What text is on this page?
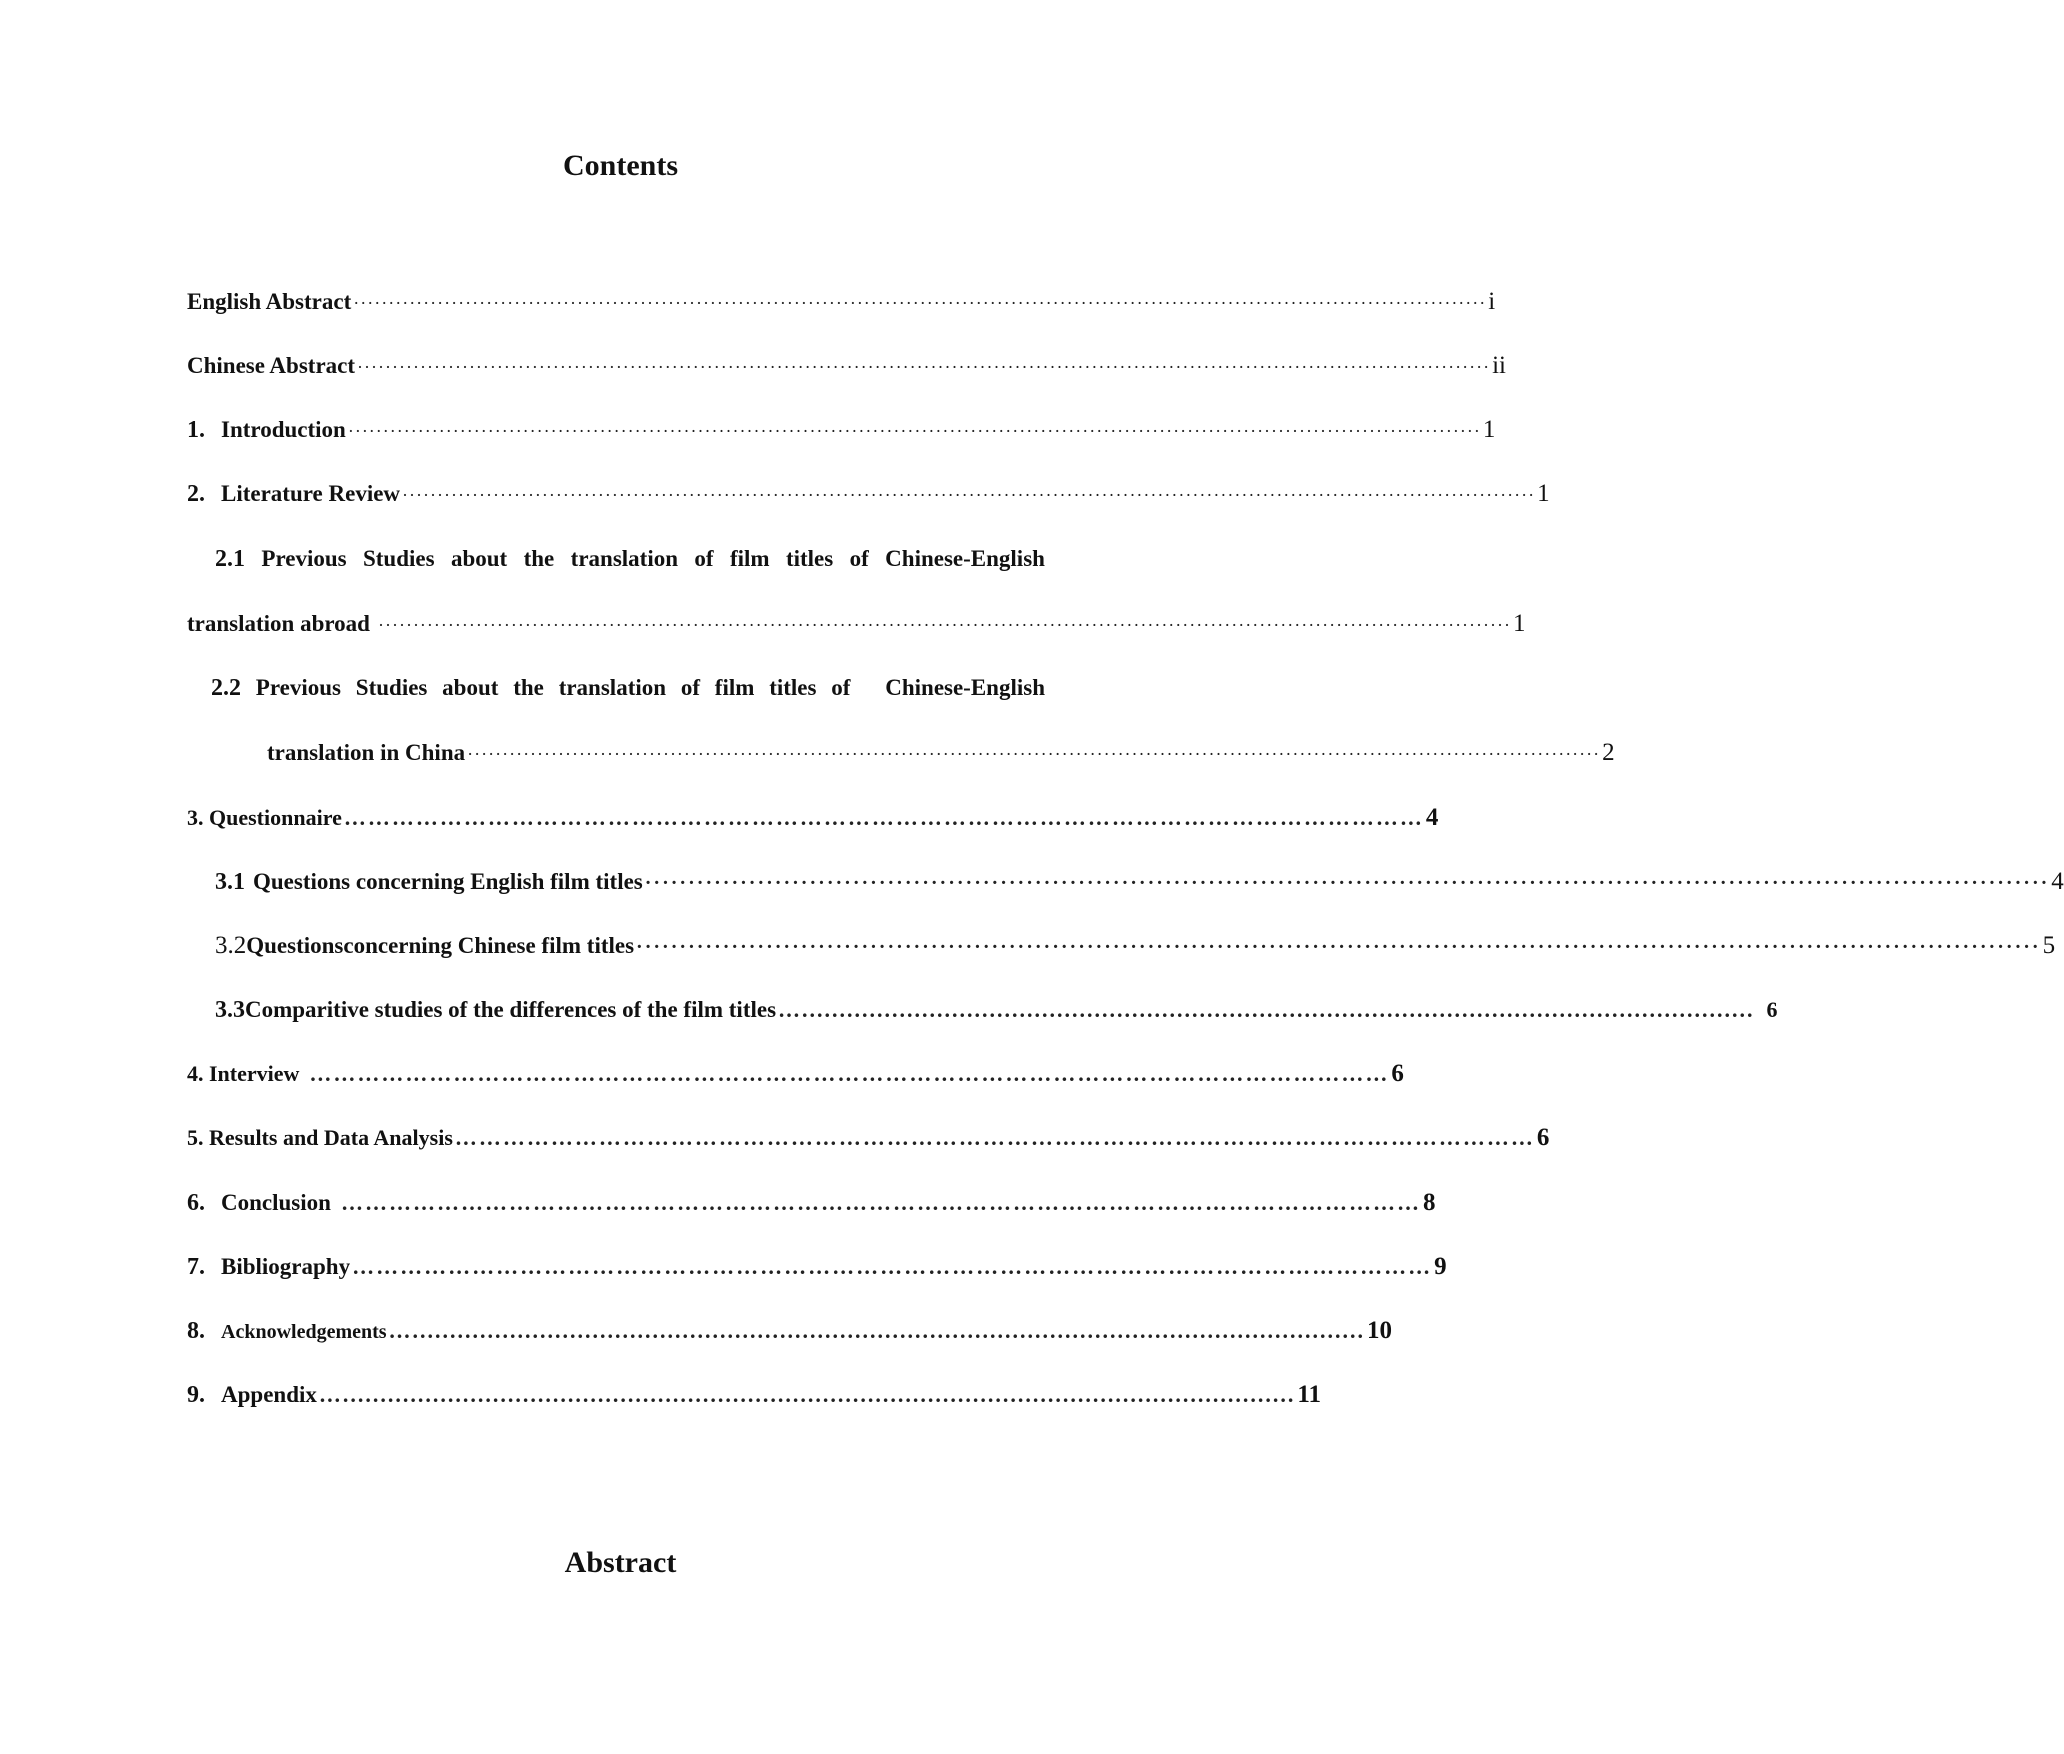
Contents
English Abstract ·································································································································································· i
Chinese Abstract ·································································································································································· ii
1. Introduction ·································································································································································· 1
2. Literature Review ·································································································································································· 1
2.1 Previous Studies about the translation of film titles of Chinese-English
translation abroad ·································································································································································· 1
2.2 Previous Studies about the translation of film titles of Chinese-English
translation in China ·································································································································································· 2
3. Questionnaire ……………………………………………………………………………………………………………………… 4
3.1 Questions concerning English film titles ·································································································································································· 4
3.2 Questionsconcerning Chinese film titles ·································································································································································· 5
3.3 Comparitive studies of the differences of the film titles …............................................................................................................................... 6
4. Interview ……………………………………………………………………………………………………………………… 6
5. Results and Data Analysis ……………………………………………………………………………………………………………………… 6
6. Conclusion ……………………………………………………………………………………………………………………… 8
7. Bibliography ……………………………………………………………………………………………………………………… 9
8. Acknowledgements …............................................................................................................................... 10
9. Appendix …............................................................................................................................... 11
Abstract
